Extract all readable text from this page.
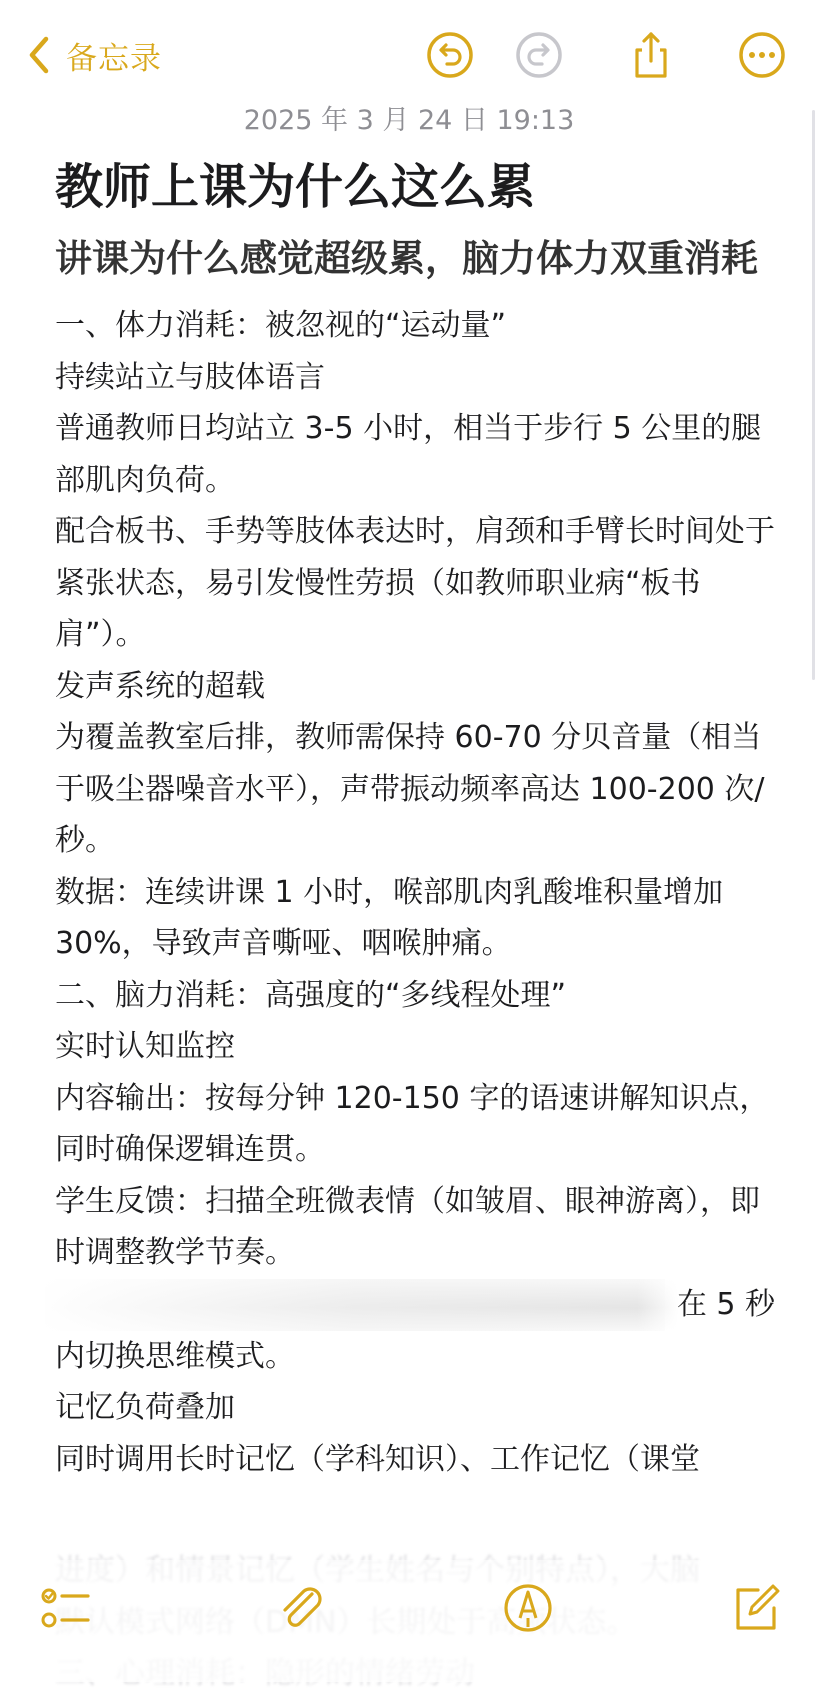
备忘录
2025 年 3 月 24 日 19:13
教师上课为什么这么累
讲课为什么感觉超级累，脑力体力双重消耗

一、体力消耗：被忽视的“运动量”

持续站立与肢体语言

普通教师日均站立 3-5 小时，相当于步行 5 公里的腿部肌肉负荷。

配合板书、手势等肢体表达时，肩颈和手臂长时间处于紧张状态，易引发慢性劳损（如教师职业病“板书肩”）。

发声系统的超载

为覆盖教室后排，教师需保持 60-70 分贝音量（相当于吸尘器噪音水平），声带振动频率高达 100-200 次/秒。

数据：连续讲课 1 小时，喉部肌肉乳酸堆积量增加 30%，导致声音嘶哑、咽喉肿痛。

二、脑力消耗：高强度的“多线程处理”

实时认知监控

内容输出：按每分钟 120-150 字的语速讲解知识点，同时确保逻辑连贯。

学生反馈：扫描全班微表情（如皱眉、眼神游离），即时调整教学节奏。

在 5 秒

内切换思维模式。

记忆负荷叠加

同时调用长时记忆（学科知识）、工作记忆（课堂
